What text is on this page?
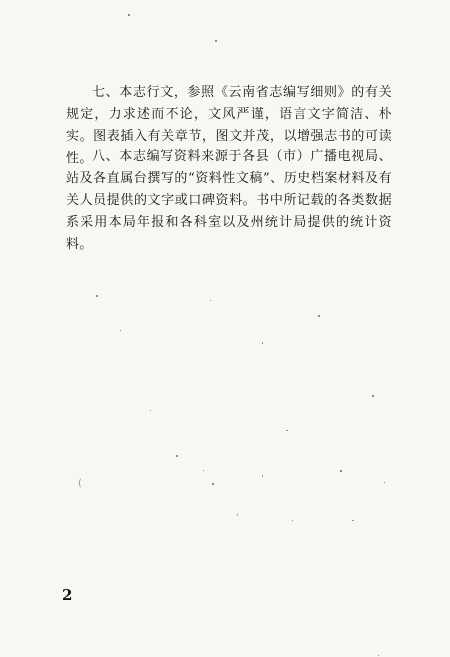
七、本志行文，参照《云南省志编写细则》的有关规定，力求述而不论，文风严谨，语言文字简洁、朴实。图表插入有关章节，图文并茂，以增强志书的可读性。 八、本志编写资料来源于各县（市）广播电视局、站及各直属台撰写的“资料性文稿”、历史档案材料及有关人员提供的文字或口碑资料。书中所记载的各类数据系采用本局年报和各科室以及州统计局提供的统计资料。

2
(
,
